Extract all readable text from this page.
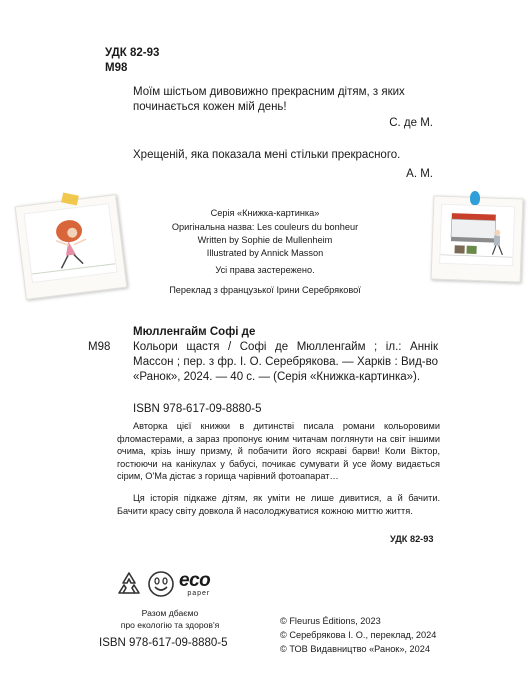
УДК 82-93
М98
Моїм шістьом дивовижно прекрасним дітям, з яких починається кожен мій день!
С. де М.
Хрещеній, яка показала мені стільки прекрасного.
А. М.
Серія «Книжка-картинка»
Оригінальна назва: Les couleurs du bonheur
Written by Sophie de Mullenheim
Illustrated by Annick Masson
Усі права застережено.
Переклад з французької Ірини Серебрякової
Мюлленгайм Софі де
М98 Кольори щастя / Софі де Мюлленгайм ; іл.: Аннік Массон ; пер. з фр. І. О. Серебрякова. — Харків : Вид-во «Ранок», 2024. — 40 с. — (Серія «Книжка-картинка»).
ISBN 978-617-09-8880-5
Авторка цієї книжки в дитинстві писала романи кольоровими фломастерами, а зараз пропонує юним читачам поглянути на світ іншими очима, крізь іншу призму, й побачити його яскраві барви! Коли Віктор, гостюючи на канікулах у бабусі, почикає сумувати й усе йому видається сірим, О'Ма дістає з горища чарівний фотоапарат…
Ця історія підкаже дітям, як уміти не лише дивитися, а й бачити. Бачити красу світу довкола й насолоджуватися кожною миттю життя.
УДК 82-93
eco
paper
Разом дбаємо
про екологію та здоров'я
ISBN 978-617-09-8880-5
© Fleurus Éditions, 2023
© Серебрякова І. О., переклад, 2024
© ТОВ Видавництво «Ранок», 2024
